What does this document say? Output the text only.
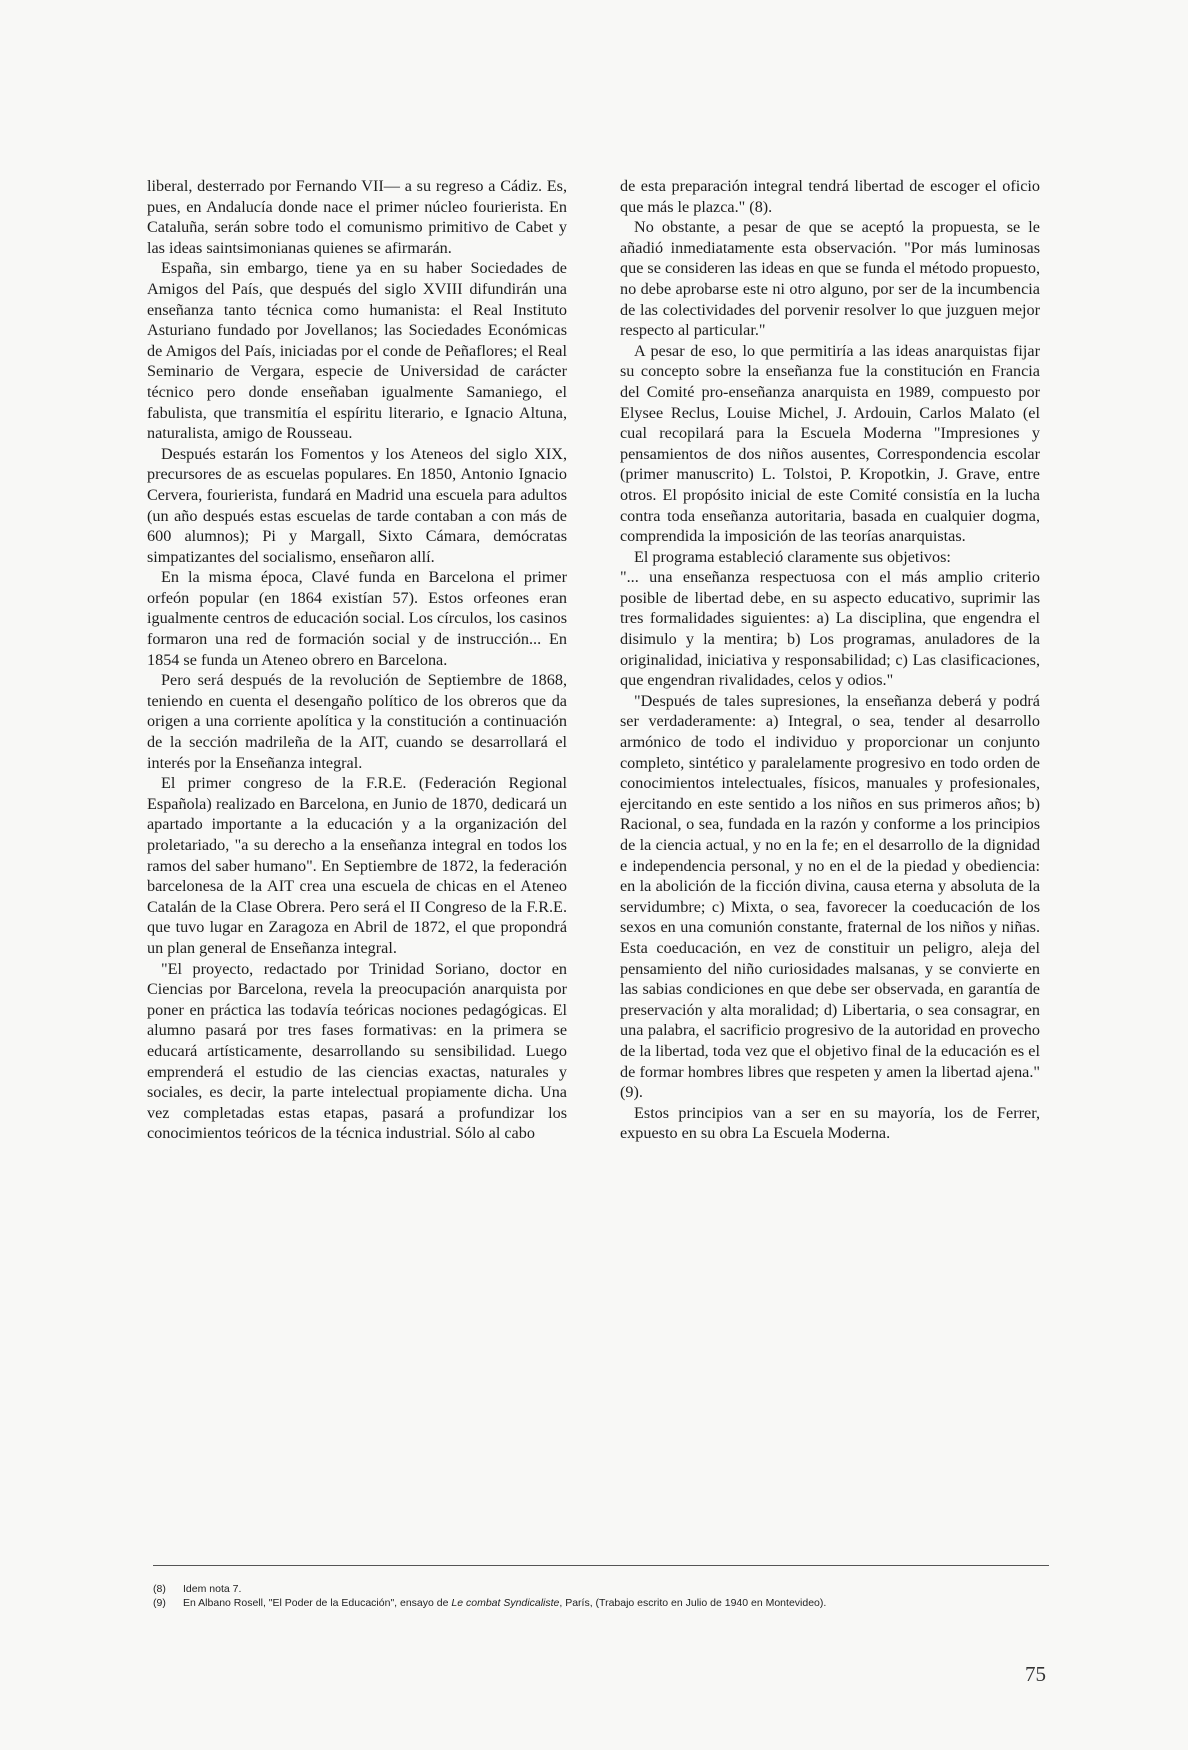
liberal, desterrado por Fernando VII— a su regreso a Cádiz. Es, pues, en Andalucía donde nace el primer núcleo fourierista. En Cataluña, serán sobre todo el comunismo primitivo de Cabet y las ideas saintsimonianas quienes se afirmarán.

España, sin embargo, tiene ya en su haber Sociedades de Amigos del País, que después del siglo XVIII difundirán una enseñanza tanto técnica como humanista: el Real Instituto Asturiano fundado por Jovellanos; las Sociedades Económicas de Amigos del País, iniciadas por el conde de Peñaflores; el Real Seminario de Vergara, especie de Universidad de carácter técnico pero donde enseñaban igualmente Samaniego, el fabulista, que transmitía el espíritu literario, e Ignacio Altuna, naturalista, amigo de Rousseau.

Después estarán los Fomentos y los Ateneos del siglo XIX, precursores de as escuelas populares. En 1850, Antonio Ignacio Cervera, fourierista, fundará en Madrid una escuela para adultos (un año después estas escuelas de tarde contaban a con más de 600 alumnos); Pi y Margall, Sixto Cámara, demócratas simpatizantes del socialismo, enseñaron allí.

En la misma época, Clavé funda en Barcelona el primer orfeón popular (en 1864 existían 57). Estos orfeones eran igualmente centros de educación social. Los círculos, los casinos formaron una red de formación social y de instrucción... En 1854 se funda un Ateneo obrero en Barcelona.

Pero será después de la revolución de Septiembre de 1868, teniendo en cuenta el desengaño político de los obreros que da origen a una corriente apolítica y la constitución a continuación de la sección madrileña de la AIT, cuando se desarrollará el interés por la Enseñanza integral.

El primer congreso de la F.R.E. (Federación Regional Española) realizado en Barcelona, en Junio de 1870, dedicará un apartado importante a la educación y a la organización del proletariado, "a su derecho a la enseñanza integral en todos los ramos del saber humano". En Septiembre de 1872, la federación barcelonesa de la AIT crea una escuela de chicas en el Ateneo Catalán de la Clase Obrera. Pero será el II Congreso de la F.R.E. que tuvo lugar en Zaragoza en Abril de 1872, el que propondrá un plan general de Enseñanza integral.

"El proyecto, redactado por Trinidad Soriano, doctor en Ciencias por Barcelona, revela la preocupación anarquista por poner en práctica las todavía teóricas nociones pedagógicas. El alumno pasará por tres fases formativas: en la primera se educará artísticamente, desarrollando su sensibilidad. Luego emprenderá el estudio de las ciencias exactas, naturales y sociales, es decir, la parte intelectual propiamente dicha. Una vez completadas estas etapas, pasará a profundizar los conocimientos teóricos de la técnica industrial. Sólo al cabo

de esta preparación integral tendrá libertad de escoger el oficio que más le plazca." (8).

No obstante, a pesar de que se aceptó la propuesta, se le añadió inmediatamente esta observación. "Por más luminosas que se consideren las ideas en que se funda el método propuesto, no debe aprobarse este ni otro alguno, por ser de la incumbencia de las colectividades del porvenir resolver lo que juzguen mejor respecto al particular."

A pesar de eso, lo que permitiría a las ideas anarquistas fijar su concepto sobre la enseñanza fue la constitución en Francia del Comité pro-enseñanza anarquista en 1989, compuesto por Elysee Reclus, Louise Michel, J. Ardouin, Carlos Malato (el cual recopilará para la Escuela Moderna "Impresiones y pensamientos de dos niños ausentes, Correspondencia escolar (primer manuscrito) L. Tolstoi, P. Kropotkin, J. Grave, entre otros. El propósito inicial de este Comité consistía en la lucha contra toda enseñanza autoritaria, basada en cualquier dogma, comprendida la imposición de las teorías anarquistas.

El programa estableció claramente sus objetivos:

"... una enseñanza respectuosa con el más amplio criterio posible de libertad debe, en su aspecto educativo, suprimir las tres formalidades siguientes: a) La disciplina, que engendra el disimulo y la mentira; b) Los programas, anuladores de la originalidad, iniciativa y responsabilidad; c) Las clasificaciones, que engendran rivalidades, celos y odios."

"Después de tales supresiones, la enseñanza deberá y podrá ser verdaderamente: a) Integral, o sea, tender al desarrollo armónico de todo el individuo y proporcionar un conjunto completo, sintético y paralelamente progresivo en todo orden de conocimientos intelectuales, físicos, manuales y profesionales, ejercitando en este sentido a los niños en sus primeros años; b) Racional, o sea, fundada en la razón y conforme a los principios de la ciencia actual, y no en la fe; en el desarrollo de la dignidad e independencia personal, y no en el de la piedad y obediencia: en la abolición de la ficción divina, causa eterna y absoluta de la servidumbre; c) Mixta, o sea, favorecer la coeducación de los sexos en una comunión constante, fraternal de los niños y niñas. Esta coeducación, en vez de constituir un peligro, aleja del pensamiento del niño curiosidades malsanas, y se convierte en las sabias condiciones en que debe ser observada, en garantía de preservación y alta moralidad; d) Libertaria, o sea consagrar, en una palabra, el sacrificio progresivo de la autoridad en provecho de la libertad, toda vez que el objetivo final de la educación es el de formar hombres libres que respeten y amen la libertad ajena." (9).

Estos principios van a ser en su mayoría, los de Ferrer, expuesto en su obra La Escuela Moderna.

(8)	Idem nota 7.
(9)	En Albano Rosell, "El Poder de la Educación", ensayo de Le combat Syndicaliste, París, (Trabajo escrito en Julio de 1940 en Montevideo).
75
